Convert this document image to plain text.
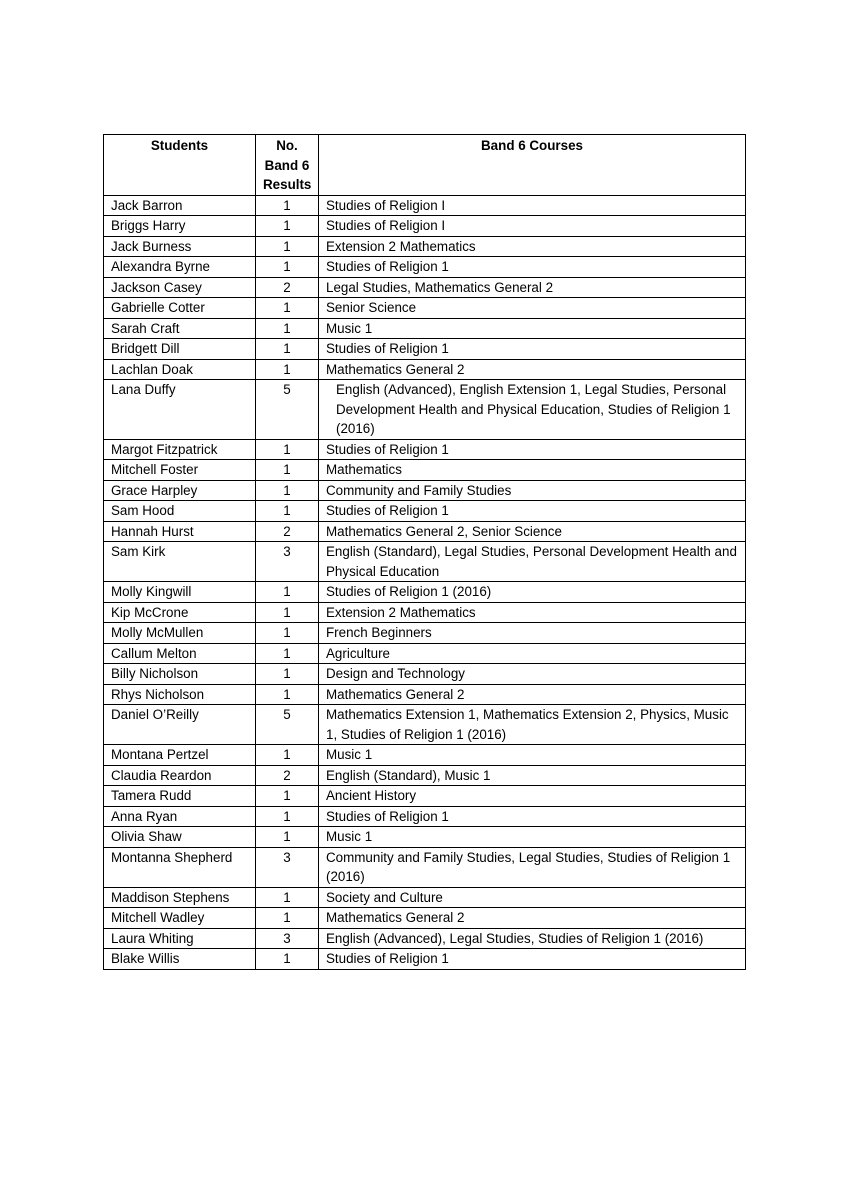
Students	No. Band 6 Results	Band 6 Courses
Jack Barron	1	Studies of Religion I
Briggs Harry	1	Studies of Religion I
Jack Burness	1	Extension 2 Mathematics
Alexandra Byrne	1	Studies of Religion 1
Jackson Casey	2	Legal Studies, Mathematics General 2
Gabrielle Cotter	1	Senior Science
Sarah Craft	1	Music 1
Bridgett Dill	1	Studies of Religion 1
Lachlan Doak	1	Mathematics General 2
Lana Duffy	5	English (Advanced), English Extension 1, Legal Studies, Personal Development Health and Physical Education, Studies of Religion 1 (2016)
Margot Fitzpatrick	1	Studies of Religion 1
Mitchell Foster	1	Mathematics
Grace Harpley	1	Community and Family Studies
Sam Hood	1	Studies of Religion 1
Hannah Hurst	2	Mathematics General 2, Senior Science
Sam Kirk	3	English (Standard), Legal Studies, Personal Development Health and Physical Education
Molly Kingwill	1	Studies of Religion 1 (2016)
Kip McCrone	1	Extension 2 Mathematics
Molly McMullen	1	French Beginners
Callum Melton	1	Agriculture
Billy Nicholson	1	Design and Technology
Rhys Nicholson	1	Mathematics General 2
Daniel O’Reilly	5	Mathematics Extension 1, Mathematics Extension 2, Physics, Music 1, Studies of Religion 1 (2016)
Montana Pertzel	1	Music 1
Claudia Reardon	2	English (Standard), Music 1
Tamera Rudd	1	Ancient History
Anna Ryan	1	Studies of Religion 1
Olivia Shaw	1	Music 1
Montanna Shepherd	3	Community and Family Studies, Legal Studies, Studies of Religion 1 (2016)
Maddison Stephens	1	Society and Culture
Mitchell Wadley	1	Mathematics General 2
Laura Whiting	3	English (Advanced), Legal Studies, Studies of Religion 1 (2016)
Blake Willis	1	Studies of Religion 1
